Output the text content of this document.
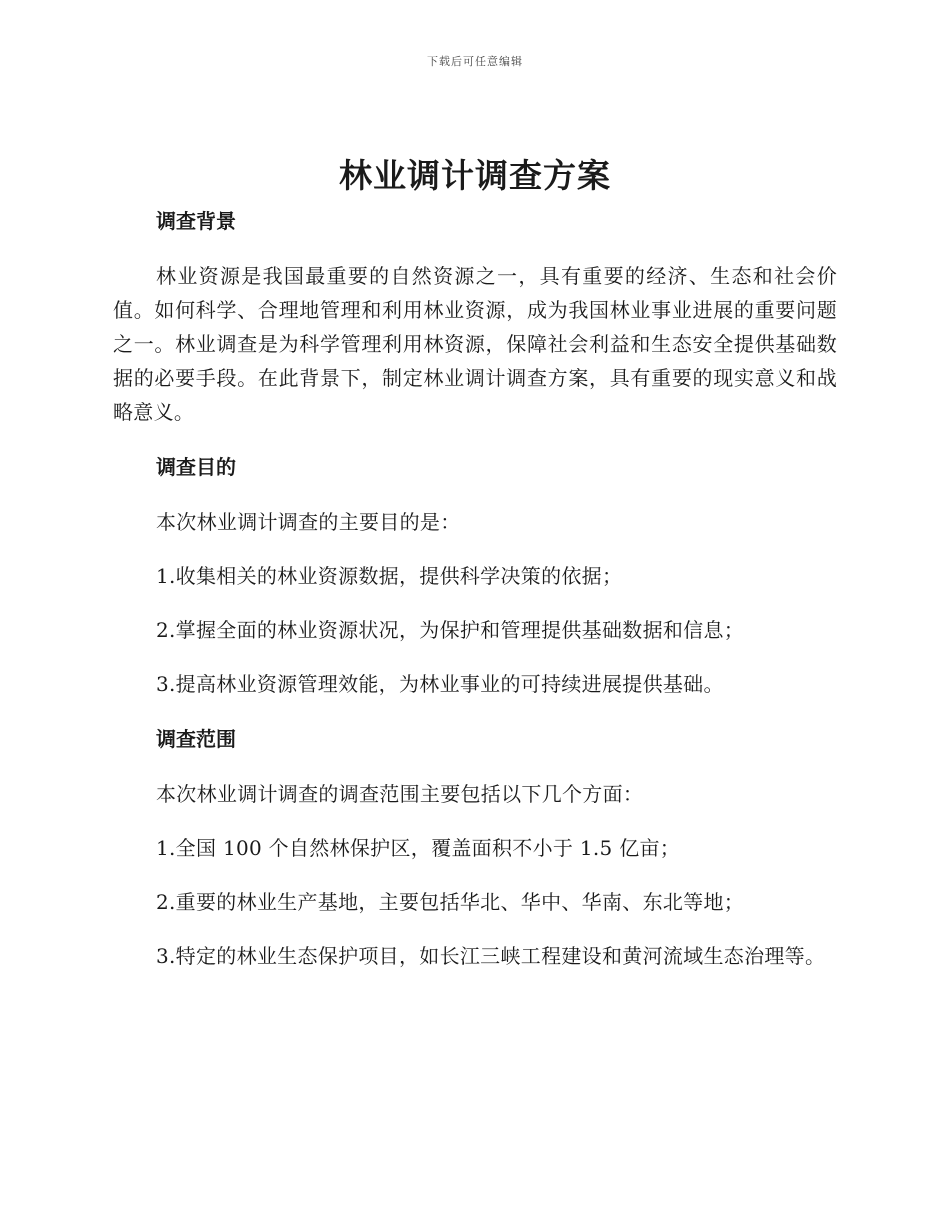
下载后可任意编辑
林业调计调查方案
调查背景

林业资源是我国最重要的自然资源之一，具有重要的经济、生态和社会价值。如何科学、合理地管理和利用林业资源，成为我国林业事业进展的重要问题之一。林业调查是为科学管理利用林资源，保障社会利益和生态安全提供基础数据的必要手段。在此背景下，制定林业调计调查方案，具有重要的现实意义和战略意义。

调查目的

本次林业调计调查的主要目的是：

1.收集相关的林业资源数据，提供科学决策的依据；

2.掌握全面的林业资源状况，为保护和管理提供基础数据和信息；

3.提高林业资源管理效能，为林业事业的可持续进展提供基础。

调查范围

本次林业调计调查的调查范围主要包括以下几个方面：

1.全国 100 个自然林保护区，覆盖面积不小于 1.5 亿亩；

2.重要的林业生产基地，主要包括华北、华中、华南、东北等地；

3.特定的林业生态保护项目，如长江三峡工程建设和黄河流域生态治理等。
